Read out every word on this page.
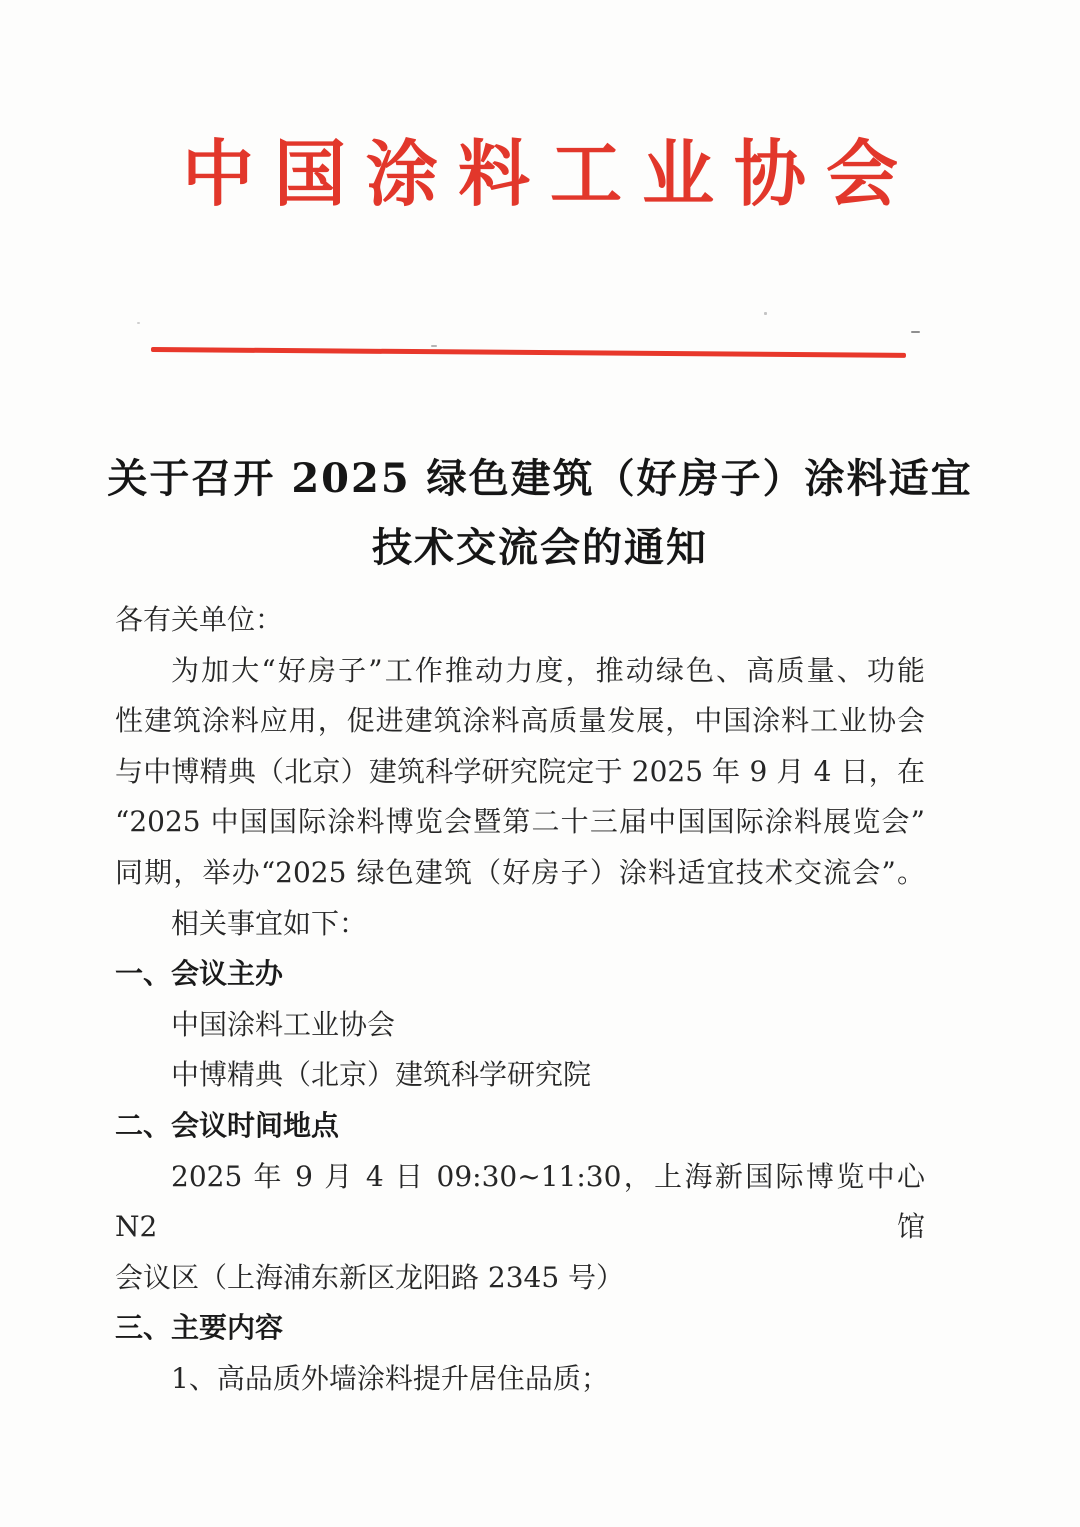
中国涂料工业协会
关于召开 2025 绿色建筑（好房子）涂料适宜
技术交流会的通知

各有关单位：

为加大“好房子”工作推动力度，推动绿色、高质量、功能

性建筑涂料应用，促进建筑涂料高质量发展，中国涂料工业协会

与中博精典（北京）建筑科学研究院定于 2025 年 9 月 4 日，在

“2025 中国国际涂料博览会暨第二十三届中国国际涂料展览会”

同期，举办“2025 绿色建筑（好房子）涂料适宜技术交流会”。

相关事宜如下：

一、会议主办

中国涂料工业协会

中博精典（北京）建筑科学研究院

二、会议时间地点

2025 年 9 月 4 日 09:30~11:30，上海新国际博览中心 N2 馆

会议区（上海浦东新区龙阳路 2345 号）

三、主要内容

1、高品质外墙涂料提升居住品质；
